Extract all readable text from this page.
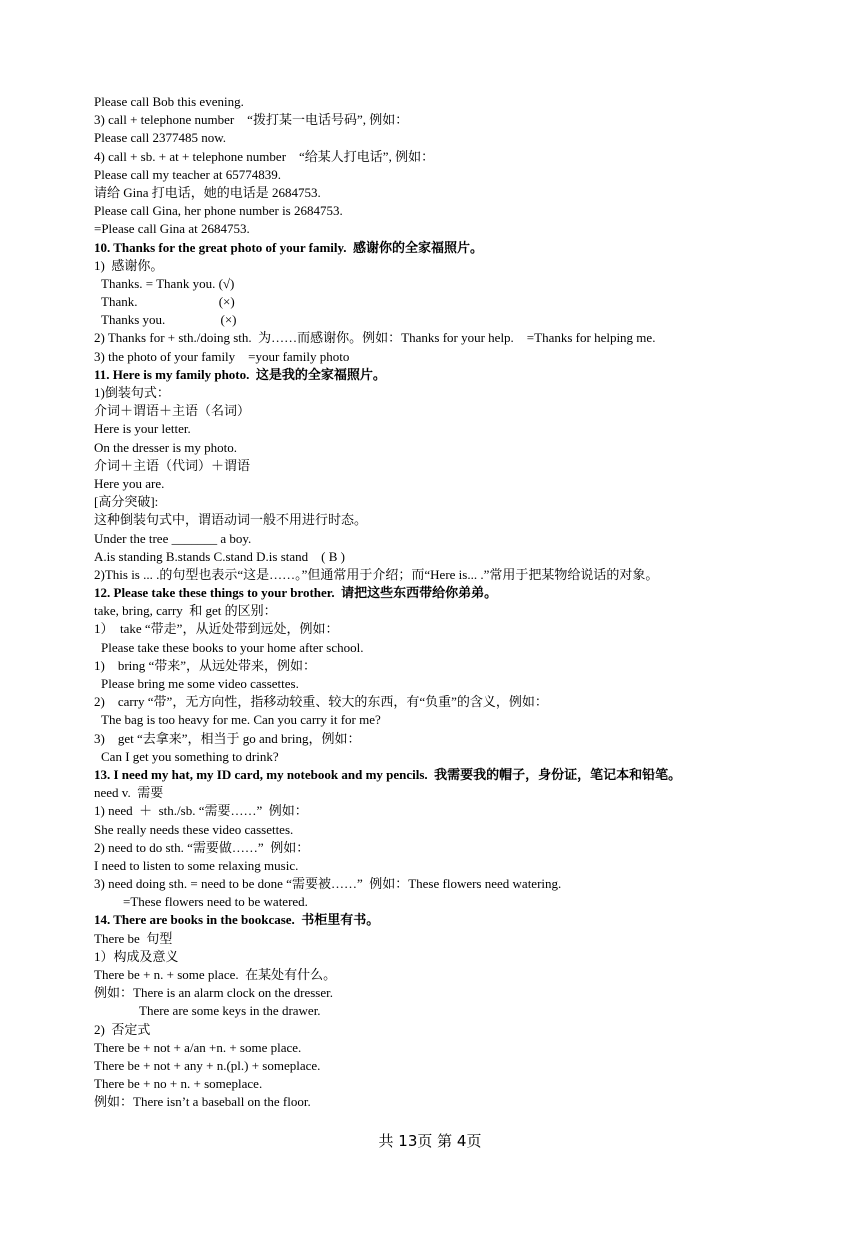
Please call Bob this evening.
3) call + telephone number    “拨打某一电话号码”, 例如：
Please call 2377485 now.
4) call + sb. + at + telephone number    “给某人打电话”, 例如：
Please call my teacher at 65774839.
请给 Gina 打电话，她的电话是 2684753.
Please call Gina, her phone number is 2684753.
=Please call Gina at 2684753.
10. Thanks for the great photo of your family.  感谢你的全家福照片。
1)  感谢你。
Thanks. = Thank you. (√)
Thank.                         (×)
Thanks you.                 (×)
2) Thanks for + sth./doing sth.  为……而感谢你。例如：Thanks for your help.    =Thanks for helping me.
3) the photo of your family    =your family photo
11. Here is my family photo.  这是我的全家福照片。
1)倒装句式：
介词＋谓语＋主语（名词）
Here is your letter.
On the dresser is my photo.
介词＋主语（代词）＋谓语
Here you are.
[高分突破]:
这种倒装句式中，谓语动词一般不用进行时态。
Under the tree _______ a boy.
A.is standing B.stands C.stand D.is stand    ( B )
2)This is ... .的句型也表示“这是……。”但通常用于介绍；而“Here is... .”常用于把某物给说话的对象。
12. Please take these things to your brother.  请把这些东西带给你弟弟。
take, bring, carry  和 get 的区别：
1）  take “带走”，从近处带到远处，例如：
Please take these books to your home after school.
1)    bring “带来”，从远处带来，例如：
Please bring me some video cassettes.
2)    carry “带”，无方向性，指移动较重、较大的东西，有“负重”的含义，例如：
The bag is too heavy for me. Can you carry it for me?
3)    get “去拿来”，相当于 go and bring，例如：
Can I get you something to drink?
13. I need my hat, my ID card, my notebook and my pencils.  我需要我的帽子，身份证，笔记本和铅笔。
need v.  需要
1) need  ＋  sth./sb. “需要……”  例如：
She really needs these video cassettes.
2) need to do sth. “需要做……”  例如：
I need to listen to some relaxing music.
3) need doing sth. = need to be done “需要被……”  例如：These flowers need watering.
=These flowers need to be watered.
14. There are books in the bookcase.  书柜里有书。
There be  句型
1）构成及意义
There be + n. + some place.  在某处有什么。
例如：There is an alarm clock on the dresser.
There are some keys in the drawer.
2)  否定式
There be + not + a/an +n. + some place.
There be + not + any + n.(pl.) + someplace.
There be + no + n. + someplace.
例如：There isn’t a baseball on the floor.
共 13页 第 4页
